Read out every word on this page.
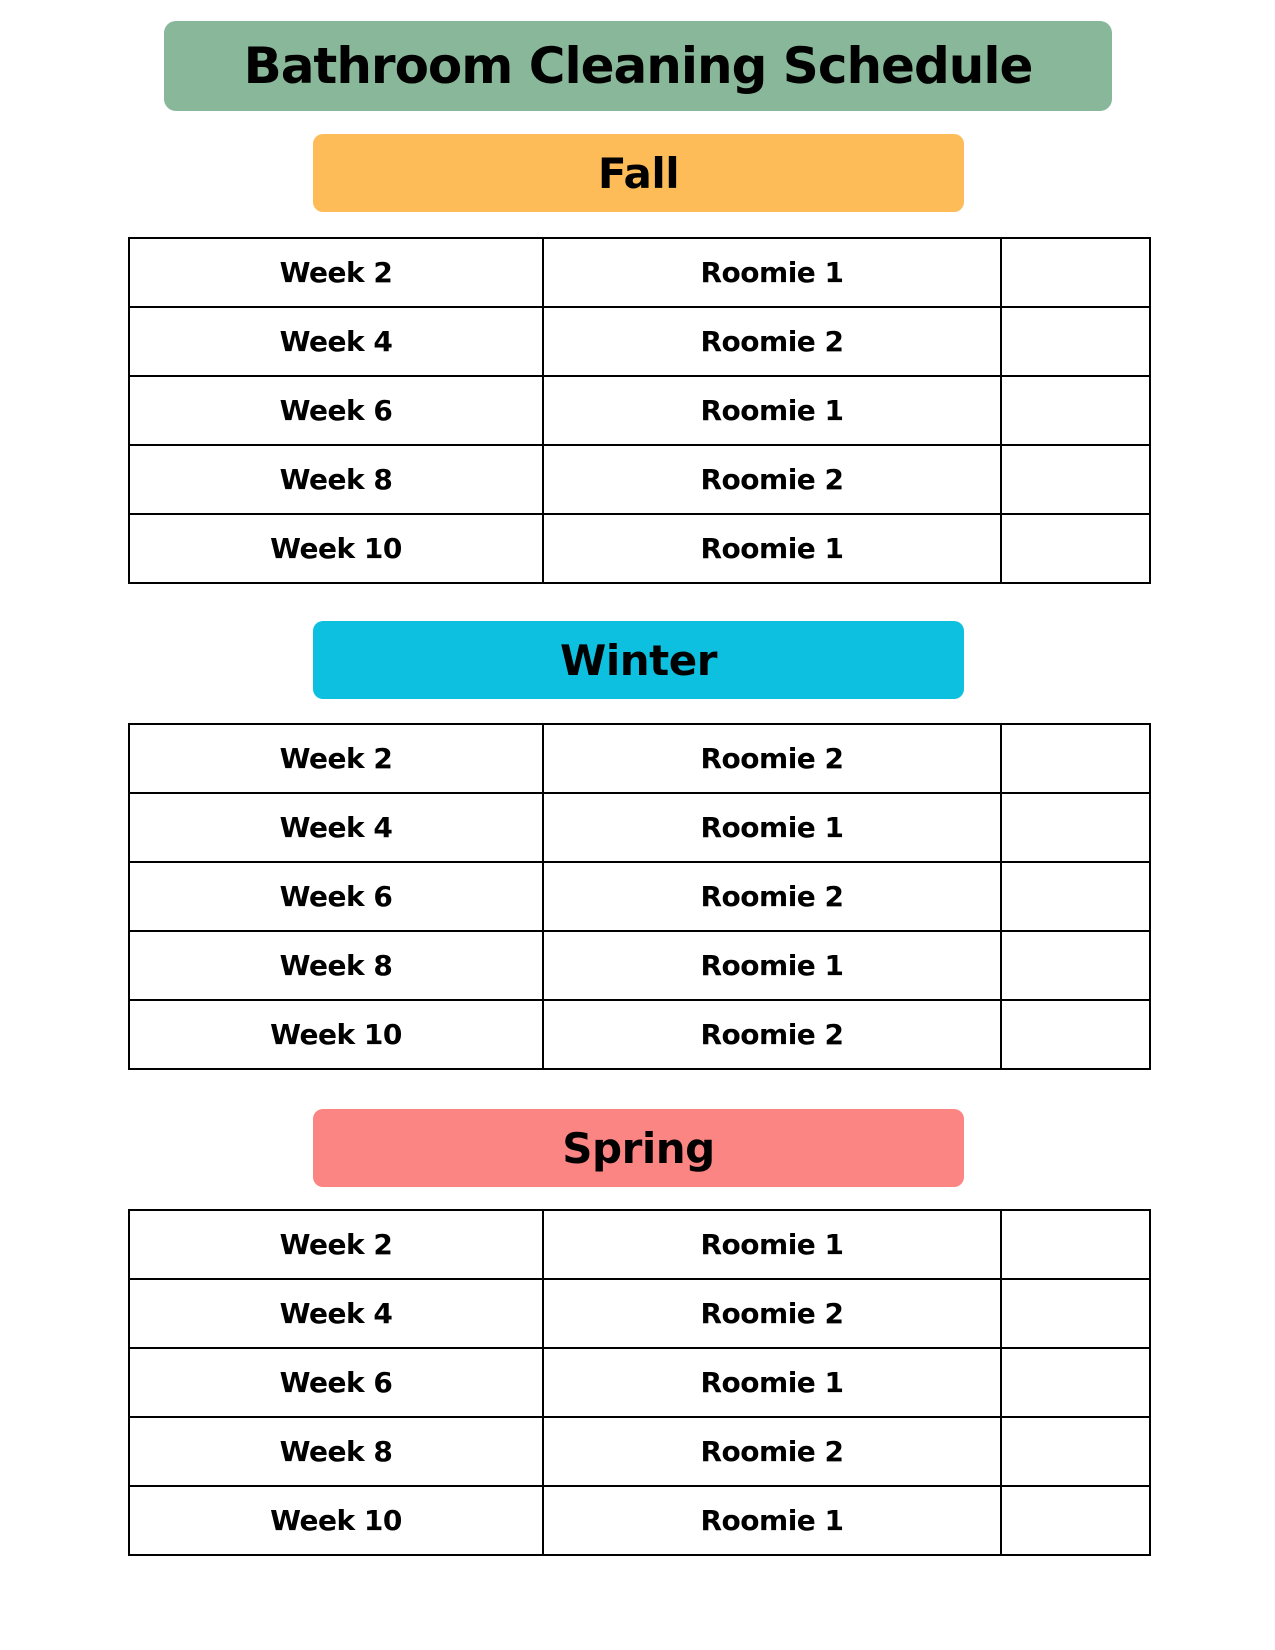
Bathroom Cleaning Schedule
Fall
Week 2	Roomie 1	
Week 4	Roomie 2	
Week 6	Roomie 1	
Week 8	Roomie 2	
Week 10	Roomie 1	
Winter
Week 2	Roomie 2	
Week 4	Roomie 1	
Week 6	Roomie 2	
Week 8	Roomie 1	
Week 10	Roomie 2	
Spring
Week 2	Roomie 1	
Week 4	Roomie 2	
Week 6	Roomie 1	
Week 8	Roomie 2	
Week 10	Roomie 1	
